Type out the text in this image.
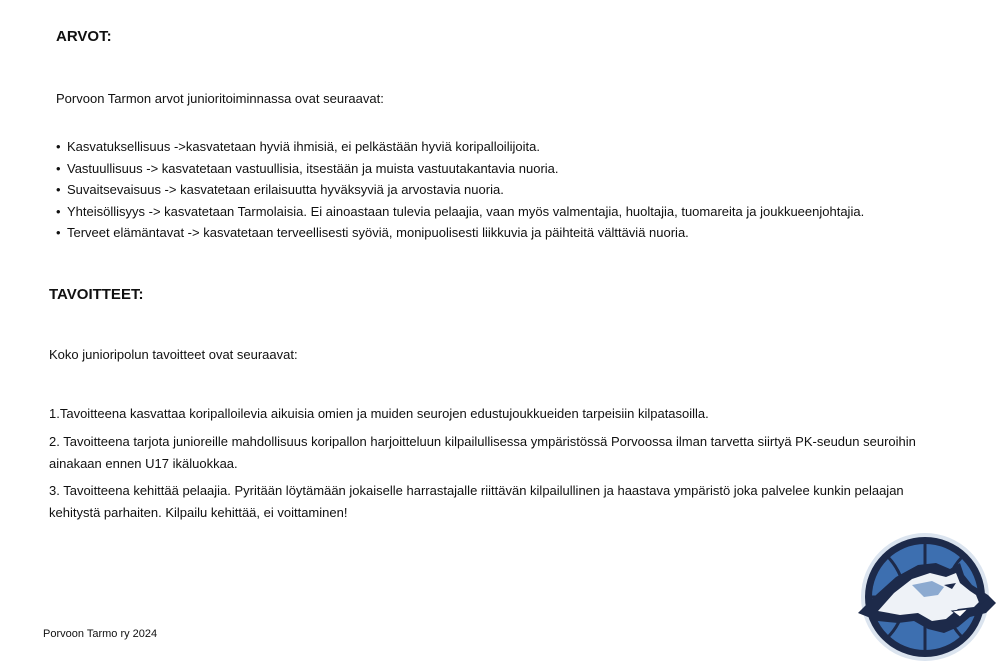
ARVOT:

Porvoon Tarmon arvot junioritoiminnassa ovat seuraavat:

• Kasvatuksellisuus ->kasvatetaan hyviä ihmisiä, ei pelkästään hyviä koripalloilijoita.
• Vastuullisuus -> kasvatetaan vastuullisia, itsestään ja muista vastuutakantavia nuoria.
• Suvaitsevaisuus -> kasvatetaan erilaisuutta hyväksyviä ja arvostavia nuoria.
• Yhteisöllisyys -> kasvatetaan Tarmolaisia. Ei ainoastaan tulevia pelaajia, vaan myös valmentajia, huoltajia, tuomareita ja joukkueenjohtajia.
• Terveet elämäntavat -> kasvatetaan terveellisesti syöviä, monipuolisesti liikkuvia ja päihteitä välttäviä nuoria.
TAVOITTEET:

Koko junioripolun tavoitteet ovat seuraavat:

1.Tavoitteena kasvattaa koripalloilevia aikuisia omien ja muiden seurojen edustujoukkueiden tarpeisiin kilpatasoilla.

2. Tavoitteena tarjota junioreille mahdollisuus koripallon harjoitteluun kilpailullisessa ympäristössä Porvoossa ilman tarvetta siirtyä PK-seudun seuroihin ainakaan ennen U17 ikäluokkaa.

3. Tavoitteena kehittää pelaajia. Pyritään löytämään jokaiselle harrastajalle riittävän kilpailullinen ja haastava ympäristö joka palvelee kunkin pelaajan kehitystä parhaiten. Kilpailu kehittää, ei voittaminen!

Porvoon Tarmo ry 2024
